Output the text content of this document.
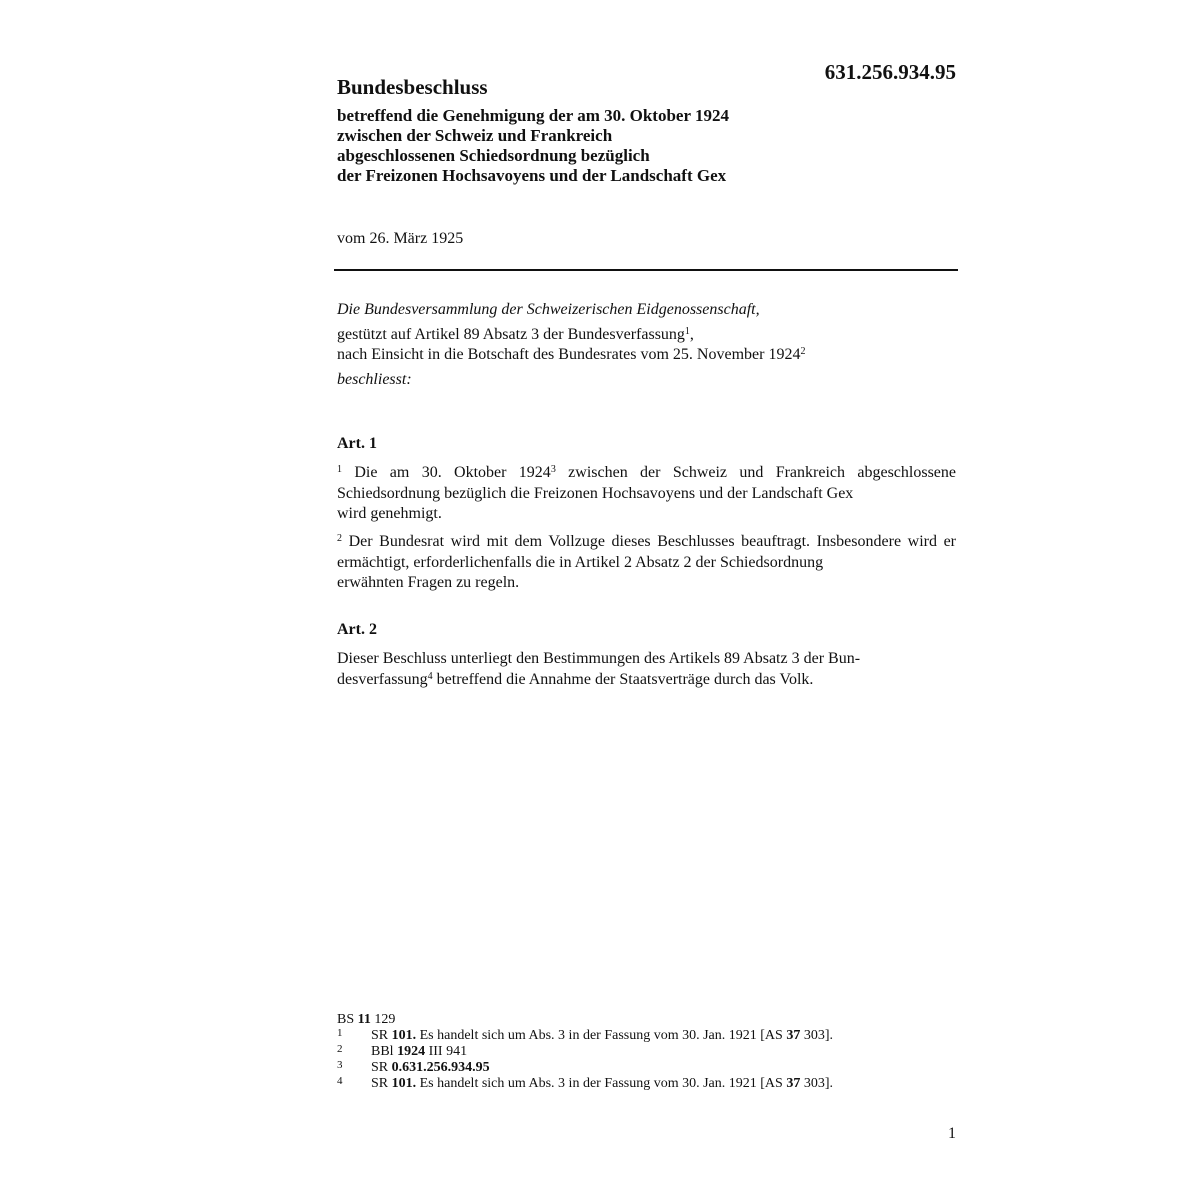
631.256.934.95
Bundesbeschluss
betreffend die Genehmigung der am 30. Oktober 1924
zwischen der Schweiz und Frankreich
abgeschlossenen Schiedsordnung bezüglich
der Freizonen Hochsavoyens und der Landschaft Gex
vom 26. März 1925
Die Bundesversammlung der Schweizerischen Eidgenossenschaft,
gestützt auf Artikel 89 Absatz 3 der Bundesverfassung$^1$,
nach Einsicht in die Botschaft des Bundesrates vom 25. November 1924$^2$
beschliesst:
Art. 1
$^1$ Die am 30. Oktober 1924$^3$ zwischen der Schweiz und Frankreich abgeschlossene Schiedsordnung bezüglich die Freizonen Hochsavoyens und der Landschaft Gex
wird genehmigt.
$^2$ Der Bundesrat wird mit dem Vollzuge dieses Beschlusses beauftragt. Insbesondere wird er ermächtigt, erforderlichenfalls die in Artikel 2 Absatz 2 der Schiedsordnung
erwähnten Fragen zu regeln.
Art. 2
Dieser Beschluss unterliegt den Bestimmungen des Artikels 89 Absatz 3 der Bun-
desverfassung$^4$ betreffend die Annahme der Staatsverträge durch das Volk.
BS 11 129
1 SR 101. Es handelt sich um Abs. 3 in der Fassung vom 30. Jan. 1921 [AS 37 303].
2 BBl 1924 III 941
3 SR 0.631.256.934.95
4 SR 101. Es handelt sich um Abs. 3 in der Fassung vom 30. Jan. 1921 [AS 37 303].
1
